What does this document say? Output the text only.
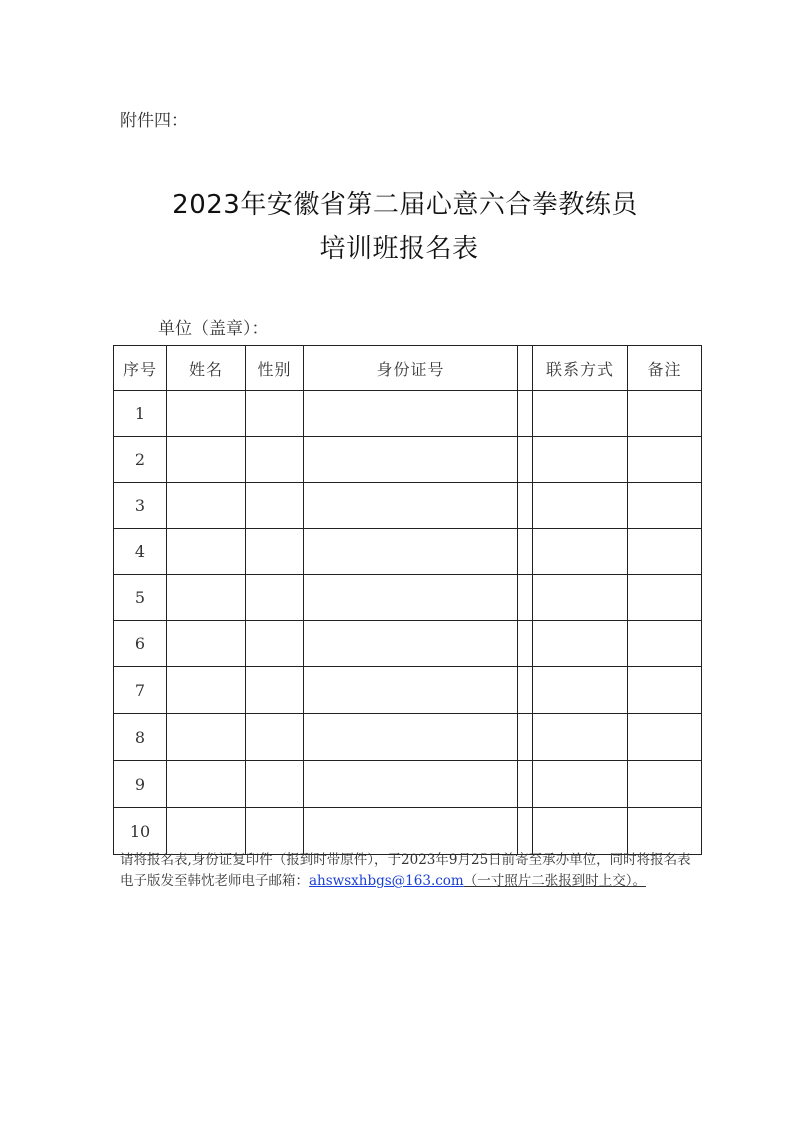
附件四：
2023年安徽省第二届心意六合拳教练员
培训班报名表
单位（盖章）：
序号	姓名	性别	身份证号		联系方式	备注
1						
2						
3						
4						
5						
6						
7						
8						
9						
10						

请将报名表,身份证复印件（报到时带原件），于2023年9月25日前寄至承办单位，同时将报名表电子版发至韩忱老师电子邮箱：ahswsxhbgs@163.com（一寸照片二张报到时上交）。
